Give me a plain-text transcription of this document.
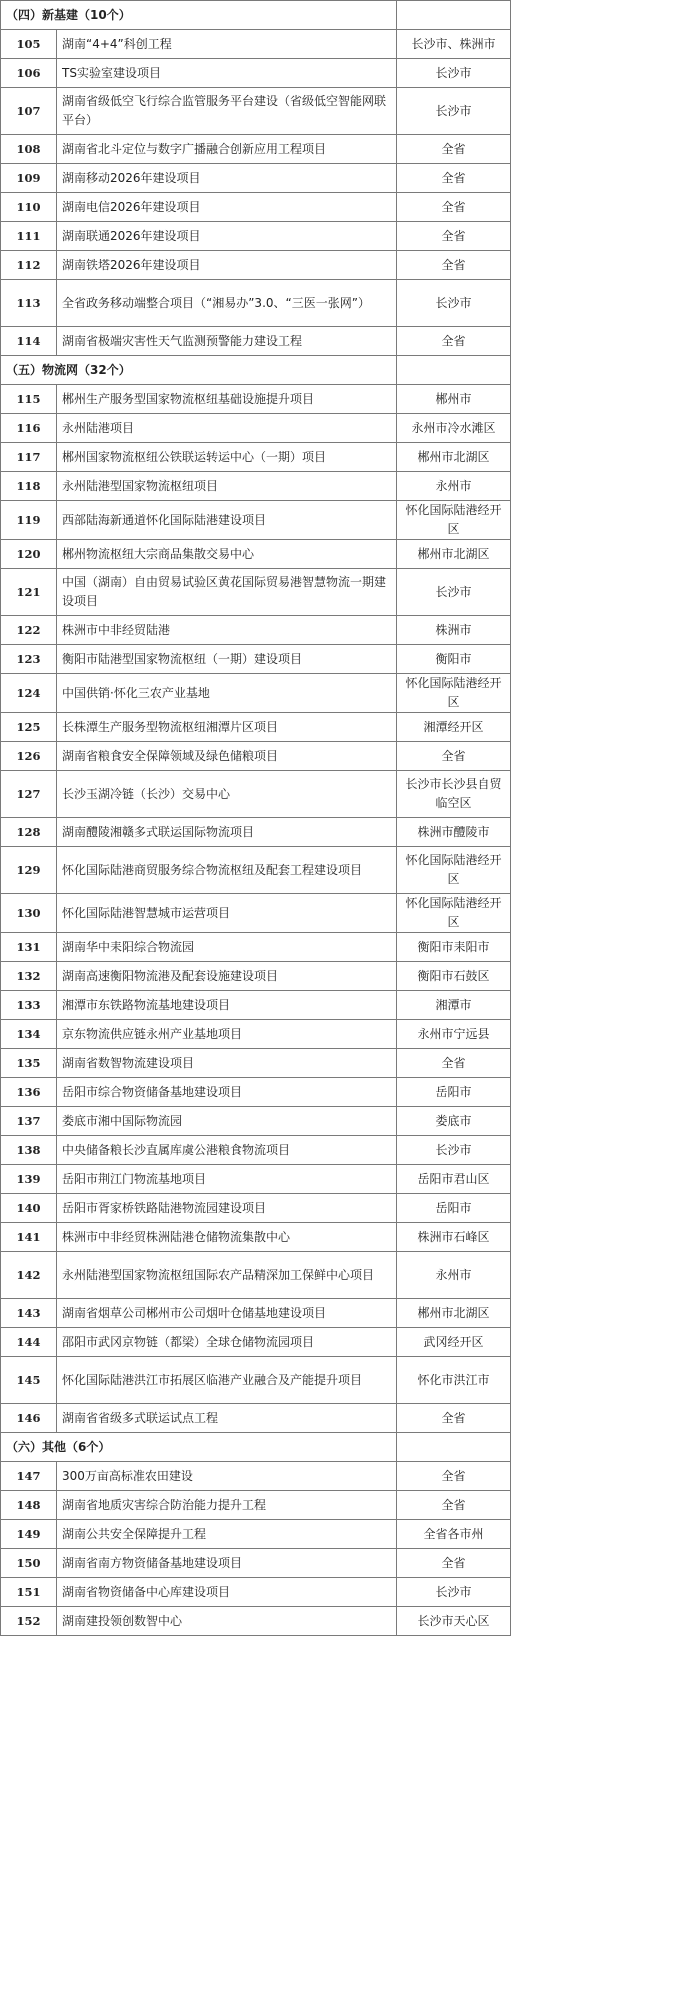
（四）新基建（10个）		
105	湖南“4+4”科创工程	长沙市、株洲市
106	TS实验室建设项目	长沙市
107	湖南省级低空飞行综合监管服务平台建设（省级低空智能网联平台）	长沙市
108	湖南省北斗定位与数字广播融合创新应用工程项目	全省
109	湖南移动2026年建设项目	全省
110	湖南电信2026年建设项目	全省
111	湖南联通2026年建设项目	全省
112	湖南铁塔2026年建设项目	全省
113	全省政务移动端整合项目（“湘易办”3.0、“三医一张网”）	长沙市
114	湖南省极端灾害性天气监测预警能力建设工程	全省
（五）物流网（32个）		
115	郴州生产服务型国家物流枢纽基础设施提升项目	郴州市
116	永州陆港项目	永州市冷水滩区
117	郴州国家物流枢纽公铁联运转运中心（一期）项目	郴州市北湖区
118	永州陆港型国家物流枢纽项目	永州市
119	西部陆海新通道怀化国际陆港建设项目	怀化国际陆港经开区
120	郴州物流枢纽大宗商品集散交易中心	郴州市北湖区
121	中国（湖南）自由贸易试验区黄花国际贸易港智慧物流一期建设项目	长沙市
122	株洲市中非经贸陆港	株洲市
123	衡阳市陆港型国家物流枢纽（一期）建设项目	衡阳市
124	中国供销·怀化三农产业基地	怀化国际陆港经开区
125	长株潭生产服务型物流枢纽湘潭片区项目	湘潭经开区
126	湖南省粮食安全保障领域及绿色储粮项目	全省
127	长沙玉湖冷链（长沙）交易中心	长沙市长沙县自贸临空区
128	湖南醴陵湘赣多式联运国际物流项目	株洲市醴陵市
129	怀化国际陆港商贸服务综合物流枢纽及配套工程建设项目	怀化国际陆港经开区
130	怀化国际陆港智慧城市运营项目	怀化国际陆港经开区
131	湖南华中耒阳综合物流园	衡阳市耒阳市
132	湖南高速衡阳物流港及配套设施建设项目	衡阳市石鼓区
133	湘潭市东铁路物流基地建设项目	湘潭市
134	京东物流供应链永州产业基地项目	永州市宁远县
135	湖南省数智物流建设项目	全省
136	岳阳市综合物资储备基地建设项目	岳阳市
137	娄底市湘中国际物流园	娄底市
138	中央储备粮长沙直属库虞公港粮食物流项目	长沙市
139	岳阳市荆江门物流基地项目	岳阳市君山区
140	岳阳市胥家桥铁路陆港物流园建设项目	岳阳市
141	株洲市中非经贸株洲陆港仓储物流集散中心	株洲市石峰区
142	永州陆港型国家物流枢纽国际农产品精深加工保鲜中心项目	永州市
143	湖南省烟草公司郴州市公司烟叶仓储基地建设项目	郴州市北湖区
144	邵阳市武冈京物链（都梁）全球仓储物流园项目	武冈经开区
145	怀化国际陆港洪江市拓展区临港产业融合及产能提升项目	怀化市洪江市
146	湖南省省级多式联运试点工程	全省
（六）其他（6个）		
147	300万亩高标准农田建设	全省
148	湖南省地质灾害综合防治能力提升工程	全省
149	湖南公共安全保障提升工程	全省各市州
150	湖南省南方物资储备基地建设项目	全省
151	湖南省物资储备中心库建设项目	长沙市
152	湖南建投领创数智中心	长沙市天心区
